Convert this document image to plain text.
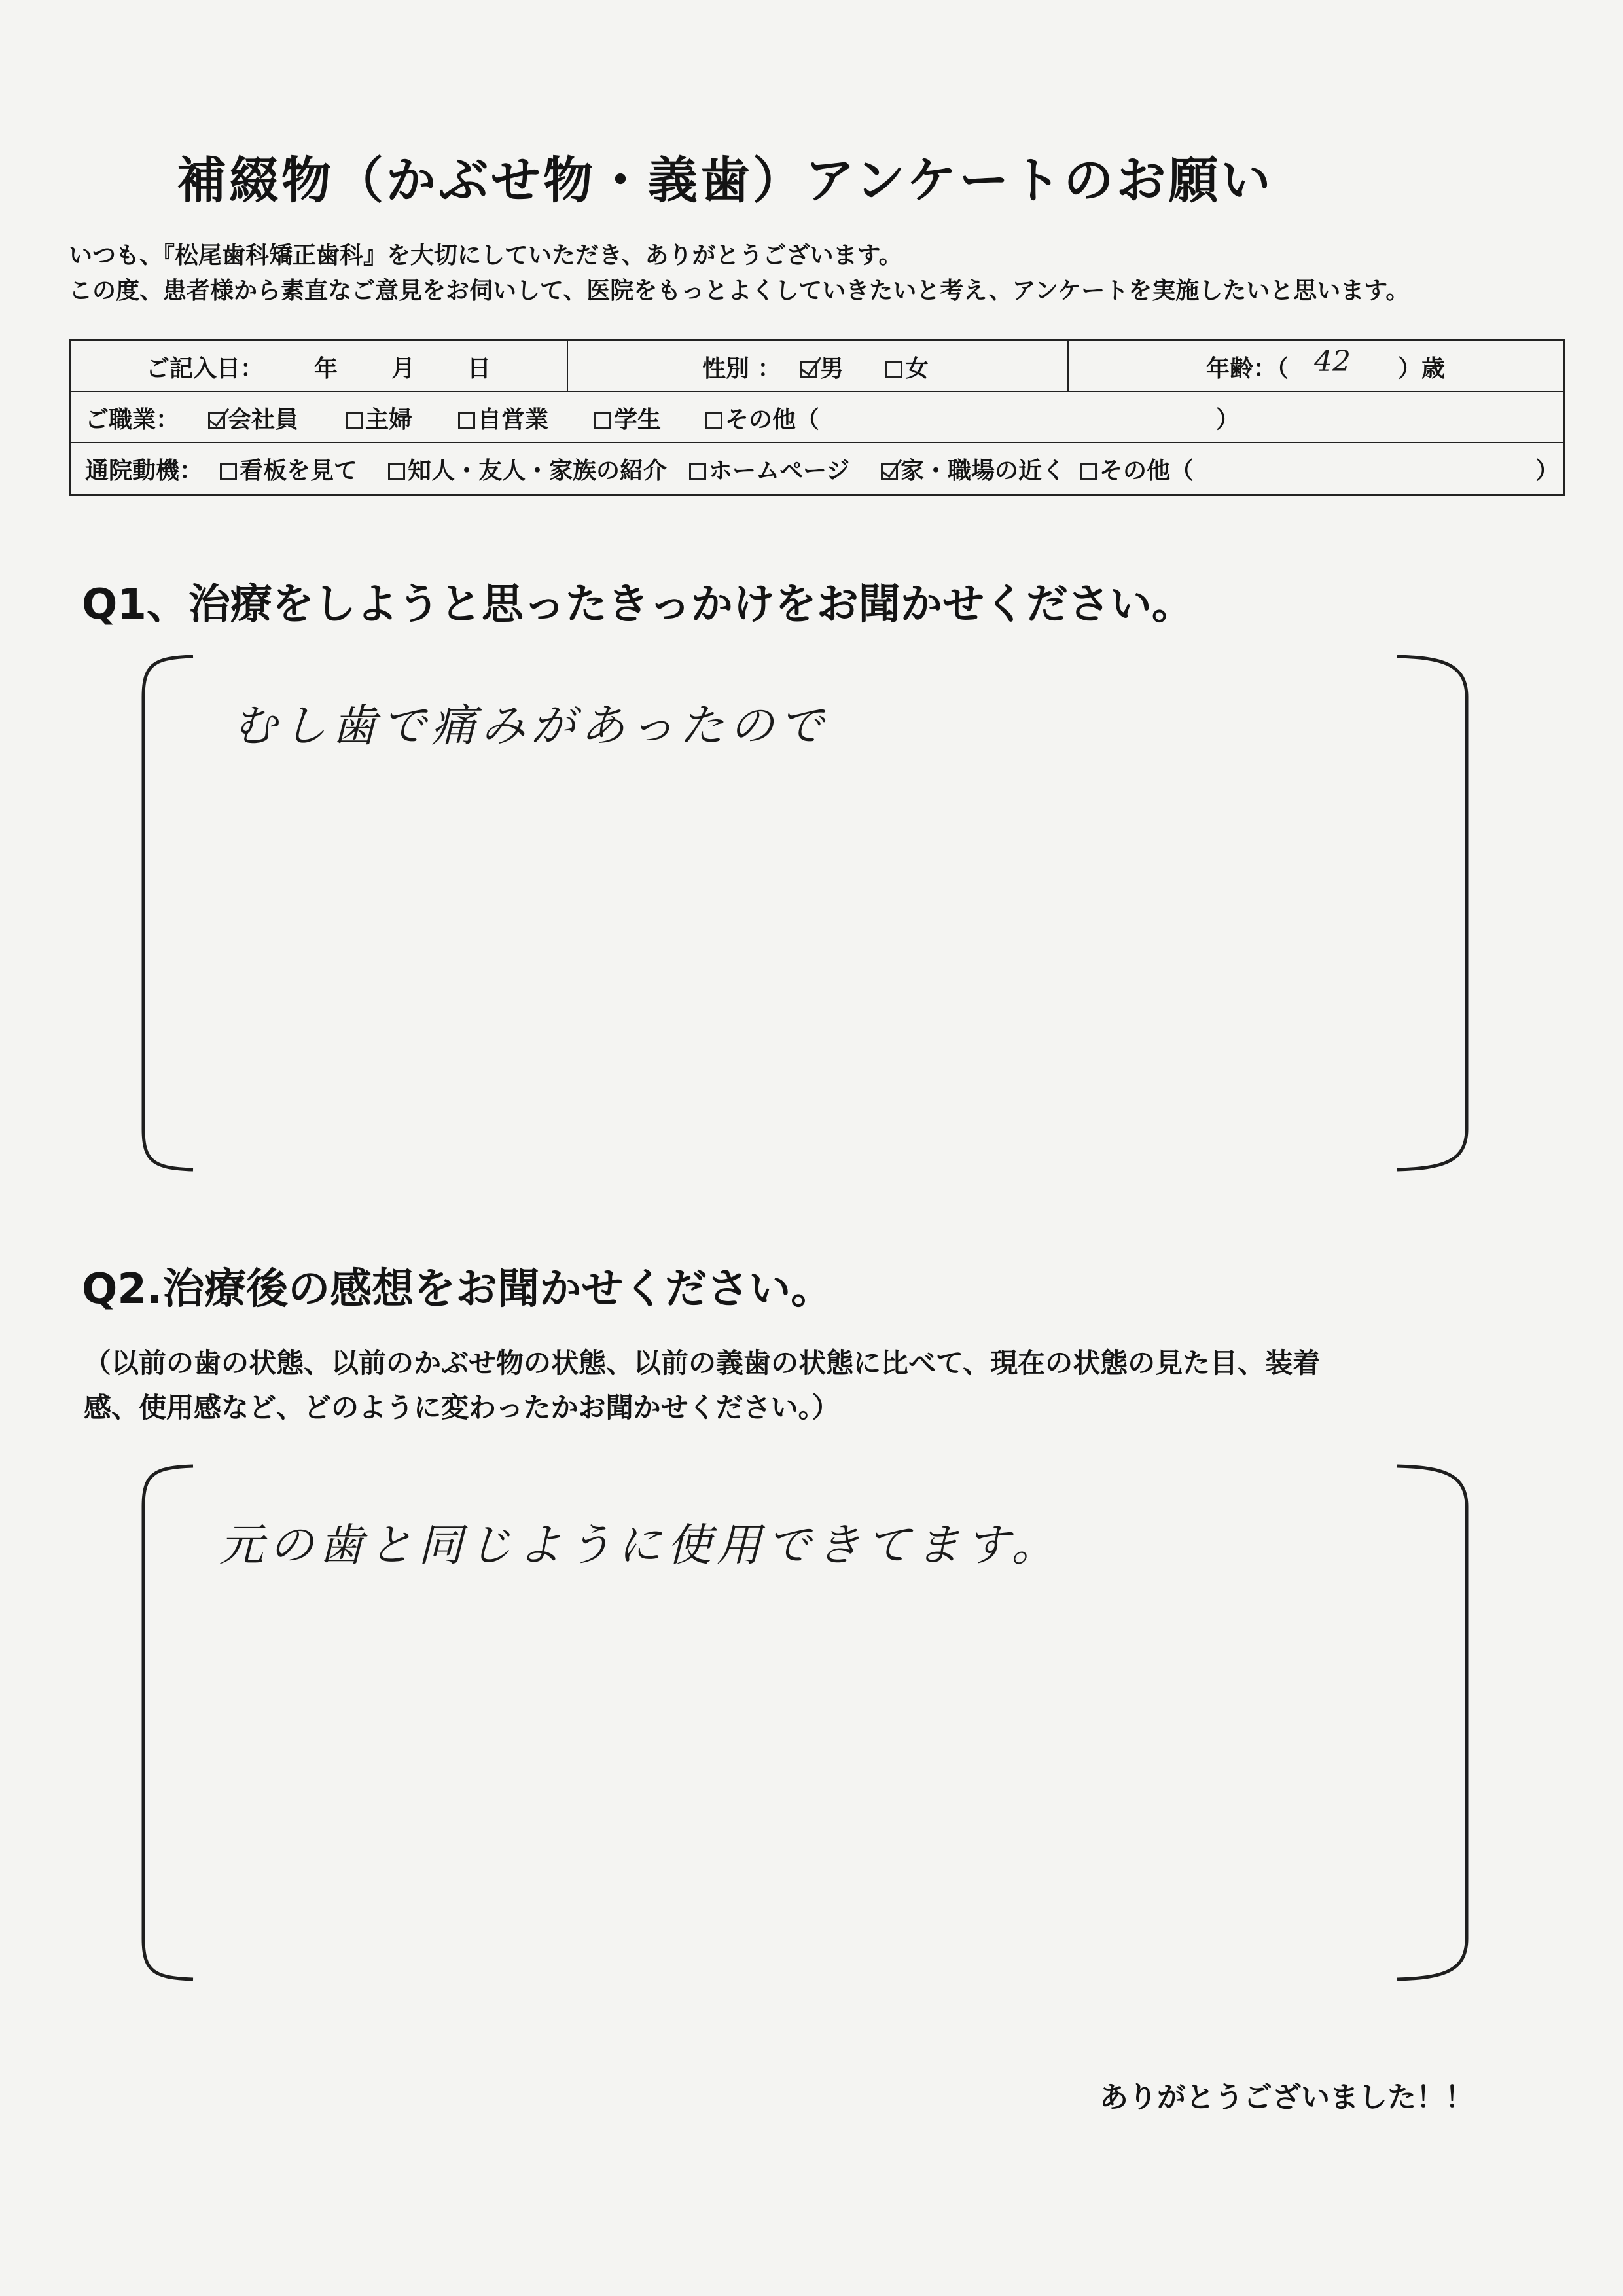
補綴物（かぶせ物・義歯）アンケートのお願い
いつも、『松尾歯科矯正歯科』を大切にしていただき、ありがとうございます。
この度、患者様から素直なご意見をお伺いして、医院をもっとよくしていきたいと考え、アンケートを実施したいと思います。
ご記入日： 年 月 日	性別 ：	男	女	年齢：（ 42 ）歳
ご職業：	会社員	主婦	自営業	学生	その他（	）
通院動機：	看板を見て	知人・友人・家族の紹介	ホームページ	家・職場の近く	その他（	）
Q1、治療をしようと思ったきっかけをお聞かせください。
むし歯で痛みがあったので
Q2.治療後の感想をお聞かせください。
（以前の歯の状態、以前のかぶせ物の状態、以前の義歯の状態に比べて、現在の状態の見た目、装着
感、使用感など、どのように変わったかお聞かせください。）
元の歯と同じように使用できてます。
ありがとうございました！！
